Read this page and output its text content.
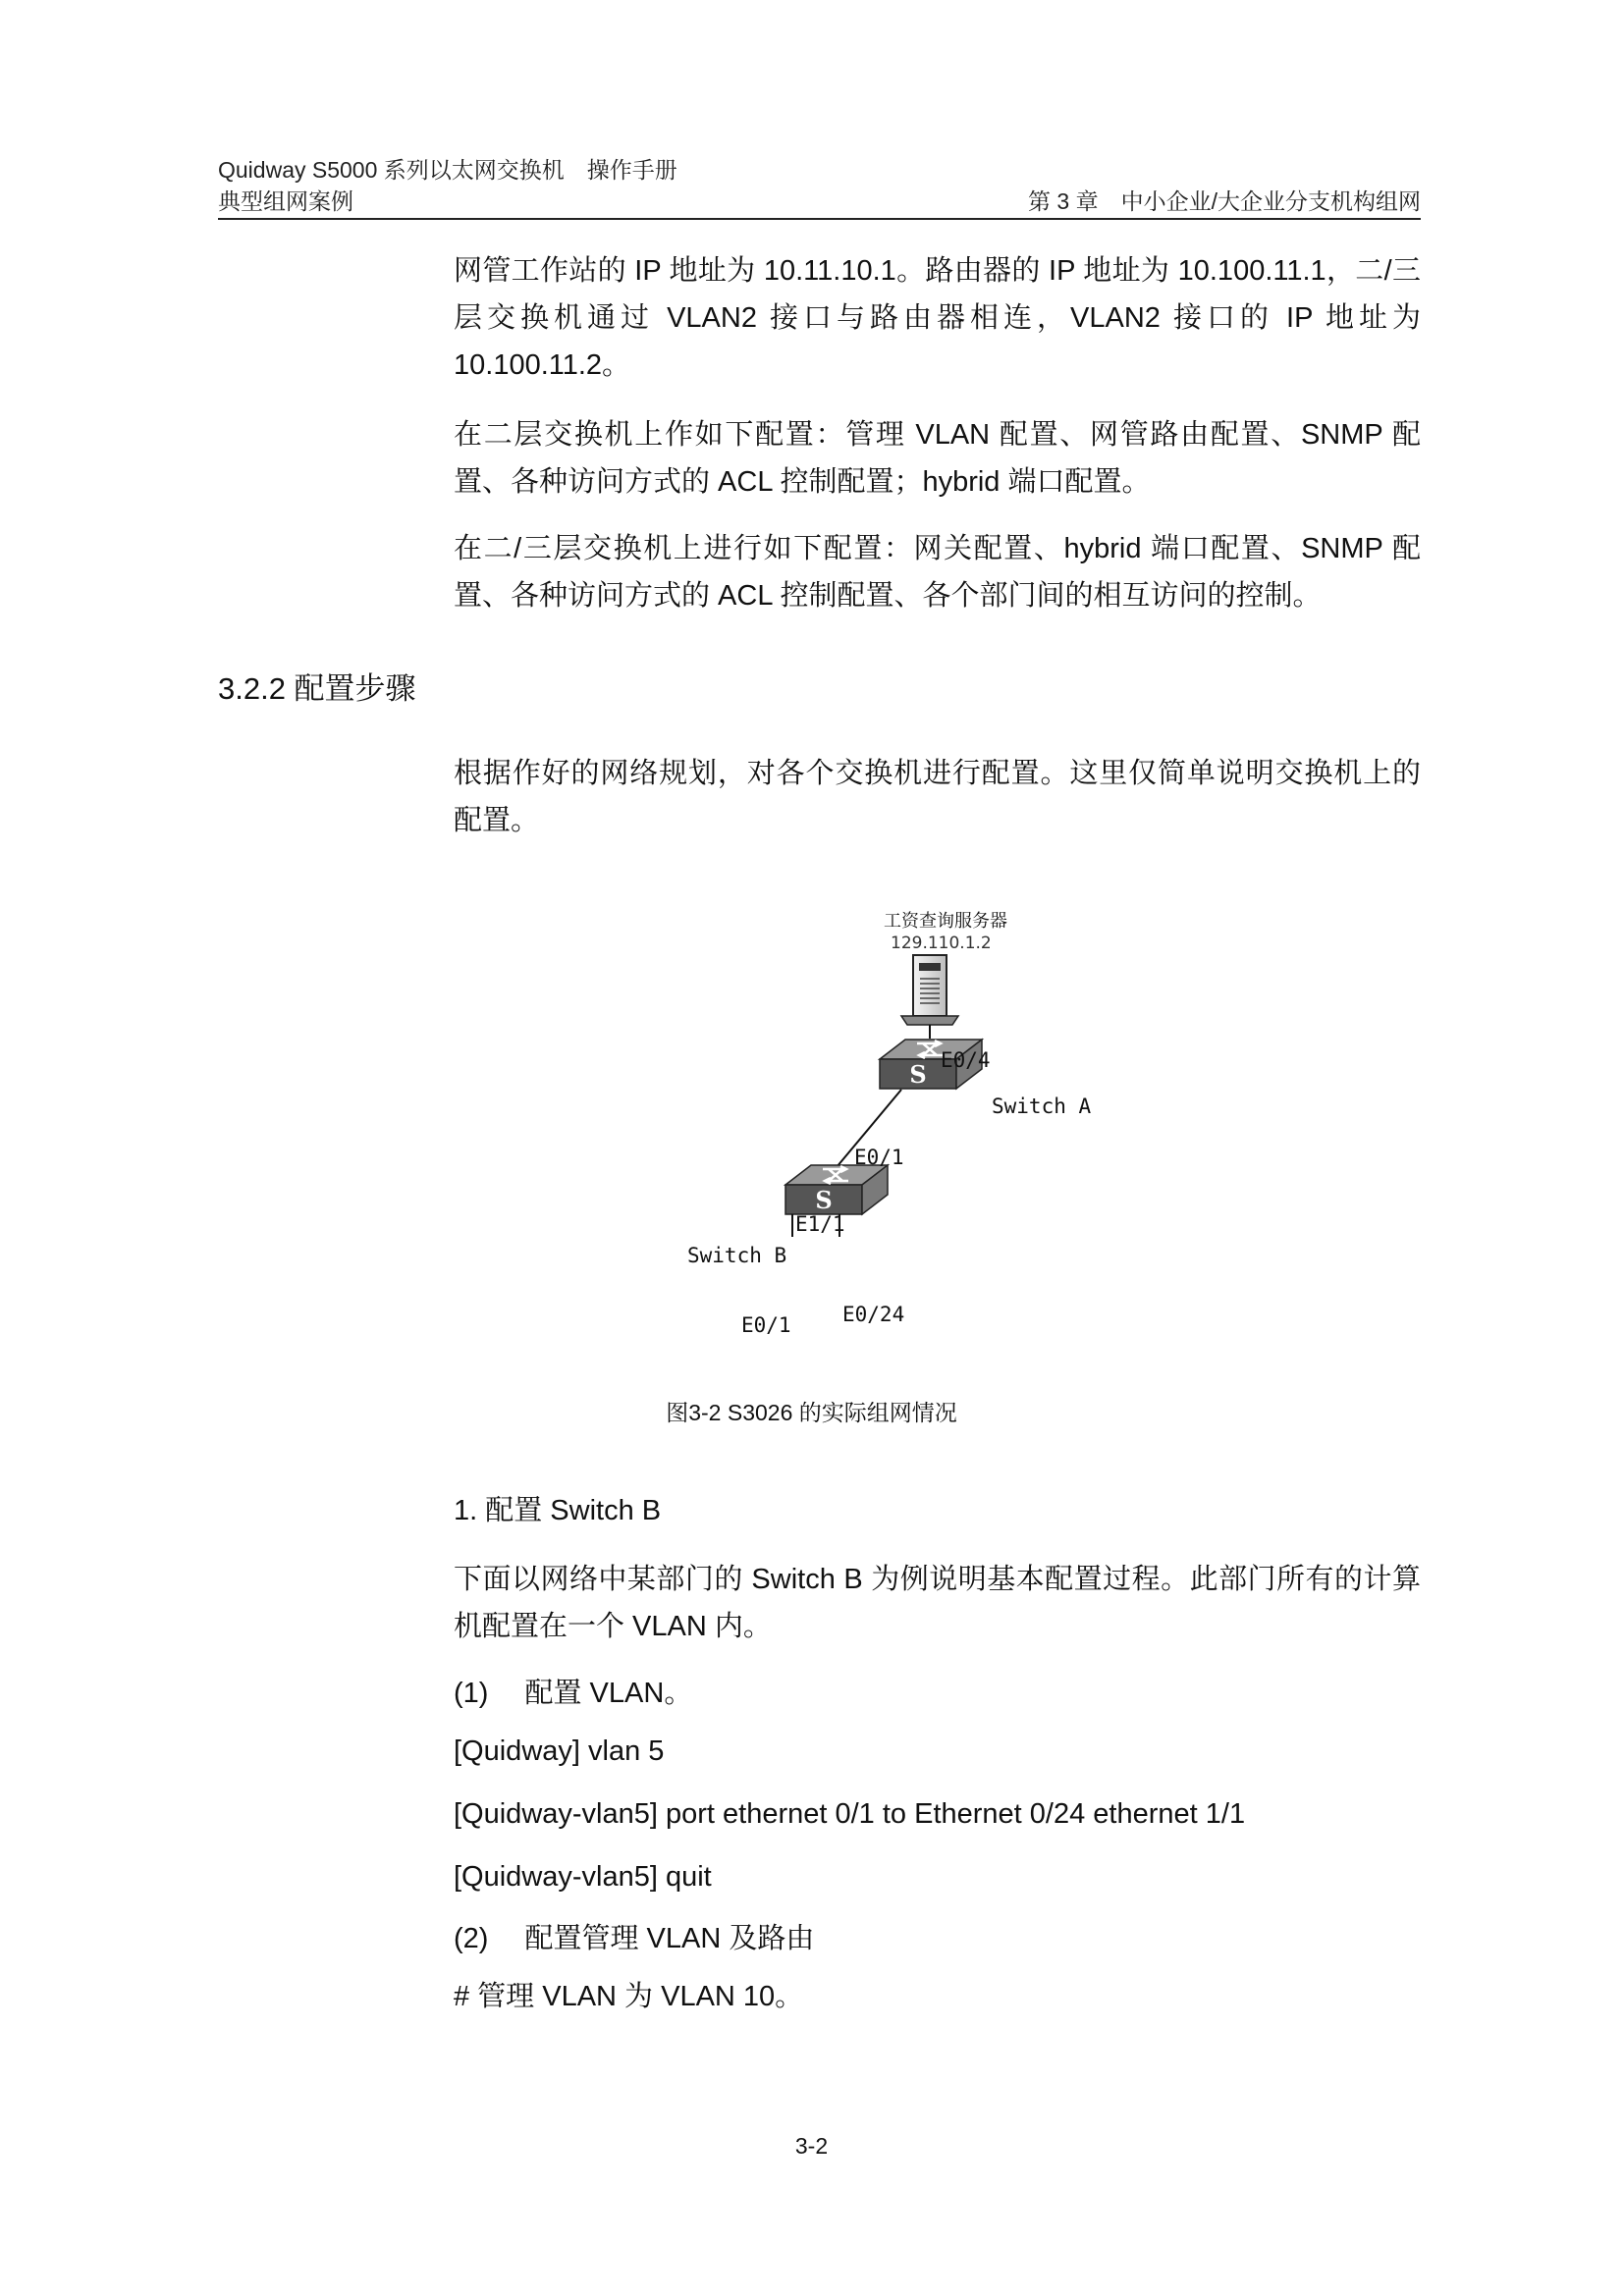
Quidway S5000 系列以太网交换机　操作手册
典型组网案例	第 3 章　中小企业/大企业分支机构组网
网管工作站的 IP 地址为 10.11.10.1。路由器的 IP 地址为 10.100.11.1，二/三层交换机通过 VLAN2 接口与路由器相连，VLAN2 接口的 IP 地址为 10.100.11.2。
在二层交换机上作如下配置：管理 VLAN 配置、网管路由配置、SNMP 配置、各种访问方式的 ACL 控制配置；hybrid 端口配置。
在二/三层交换机上进行如下配置：网关配置、hybrid 端口配置、SNMP 配置、各种访问方式的 ACL 控制配置、各个部门间的相互访问的控制。
3.2.2 配置步骤
根据作好的网络规划，对各个交换机进行配置。这里仅简单说明交换机上的配置。
S
S
工资查询服务器
129.110.1.2
E0/4
Switch A
E0/1
E1/1
Switch B
E0/1 E0/24
图3-2 S3026 的实际组网情况
1. 配置 Switch B
下面以网络中某部门的 Switch B 为例说明基本配置过程。此部门所有的计算机配置在一个 VLAN 内。
(1)　 配置 VLAN。
[Quidway] vlan 5
[Quidway-vlan5] port ethernet 0/1 to Ethernet 0/24 ethernet 1/1
[Quidway-vlan5] quit
(2)　 配置管理 VLAN 及路由
# 管理 VLAN 为 VLAN 10。
3-2
